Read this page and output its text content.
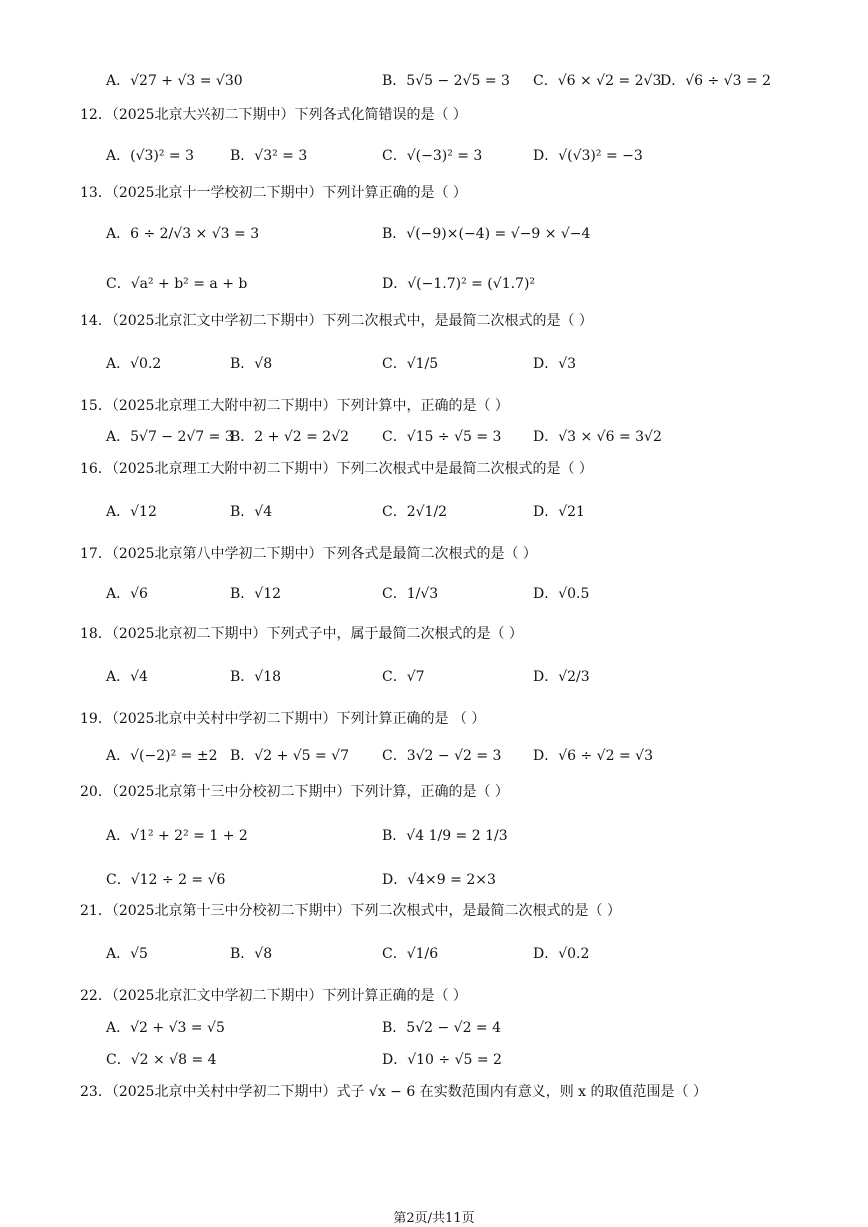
A．√27 + √3 = √30	B．5√5 − 2√5 = 3 C．√6 × √2 = 2√3
D．√6 ÷ √3 = 2
12．（2025北京大兴初二下期中）下列各式化简错误的是（ ）
A．(√3)² = 3	B．√3² = 3	C．√(−3)² = 3	D．√(√3)² = −3
13．（2025北京十一学校初二下期中）下列计算正确的是（ ）
A．6 ÷ 2/√3 × √3 = 3	B．√(−9)×(−4) = √−9 × √−4
C．√a² + b² = a + b	D．√(−1.7)² = (√1.7)²
14．（2025北京汇文中学初二下期中）下列二次根式中，是最简二次根式的是（ ）
A．√0.2	B．√8	C．√1/5	D．√3
15．（2025北京理工大附中初二下期中）下列计算中，正确的是（ ）
A．5√7 − 2√7 = 3
B．2 + √2 = 2√2 C．√15 ÷ √5 = 3 D．√3 × √6 = 3√2
16．（2025北京理工大附中初二下期中）下列二次根式中是最简二次根式的是（ ）
A．√12	B．√4	C．2√1/2	D．√21
17．（2025北京第八中学初二下期中）下列各式是最简二次根式的是（ ）
A．√6	B．√12	C．1/√3	D．√0.5
18．（2025北京初二下期中）下列式子中，属于最简二次根式的是（ ）
A．√4	B．√18	C．√7	D．√2/3
19．（2025北京中关村中学初二下期中）下列计算正确的是 （ ）
A．√(−2)² = ±2 B．√2 + √5 = √7 C．3√2 − √2 = 3 D．√6 ÷ √2 = √3
20．（2025北京第十三中分校初二下期中）下列计算，正确的是（ ）
A．√1² + 2² = 1 + 2	B．√4 1/9 = 2 1/3
C．√12 ÷ 2 = √6	D．√4×9 = 2×3
21．（2025北京第十三中分校初二下期中）下列二次根式中，是最简二次根式的是（ ）
A．√5	B．√8	C．√1/6	D．√0.2
22．（2025北京汇文中学初二下期中）下列计算正确的是（ ）
A．√2 + √3 = √5	B．5√2 − √2 = 4
C．√2 × √8 = 4	D．√10 ÷ √5 = 2
23．（2025北京中关村中学初二下期中）式子 √x − 6 在实数范围内有意义，则 x 的取值范围是（ ）
第2页/共11页
